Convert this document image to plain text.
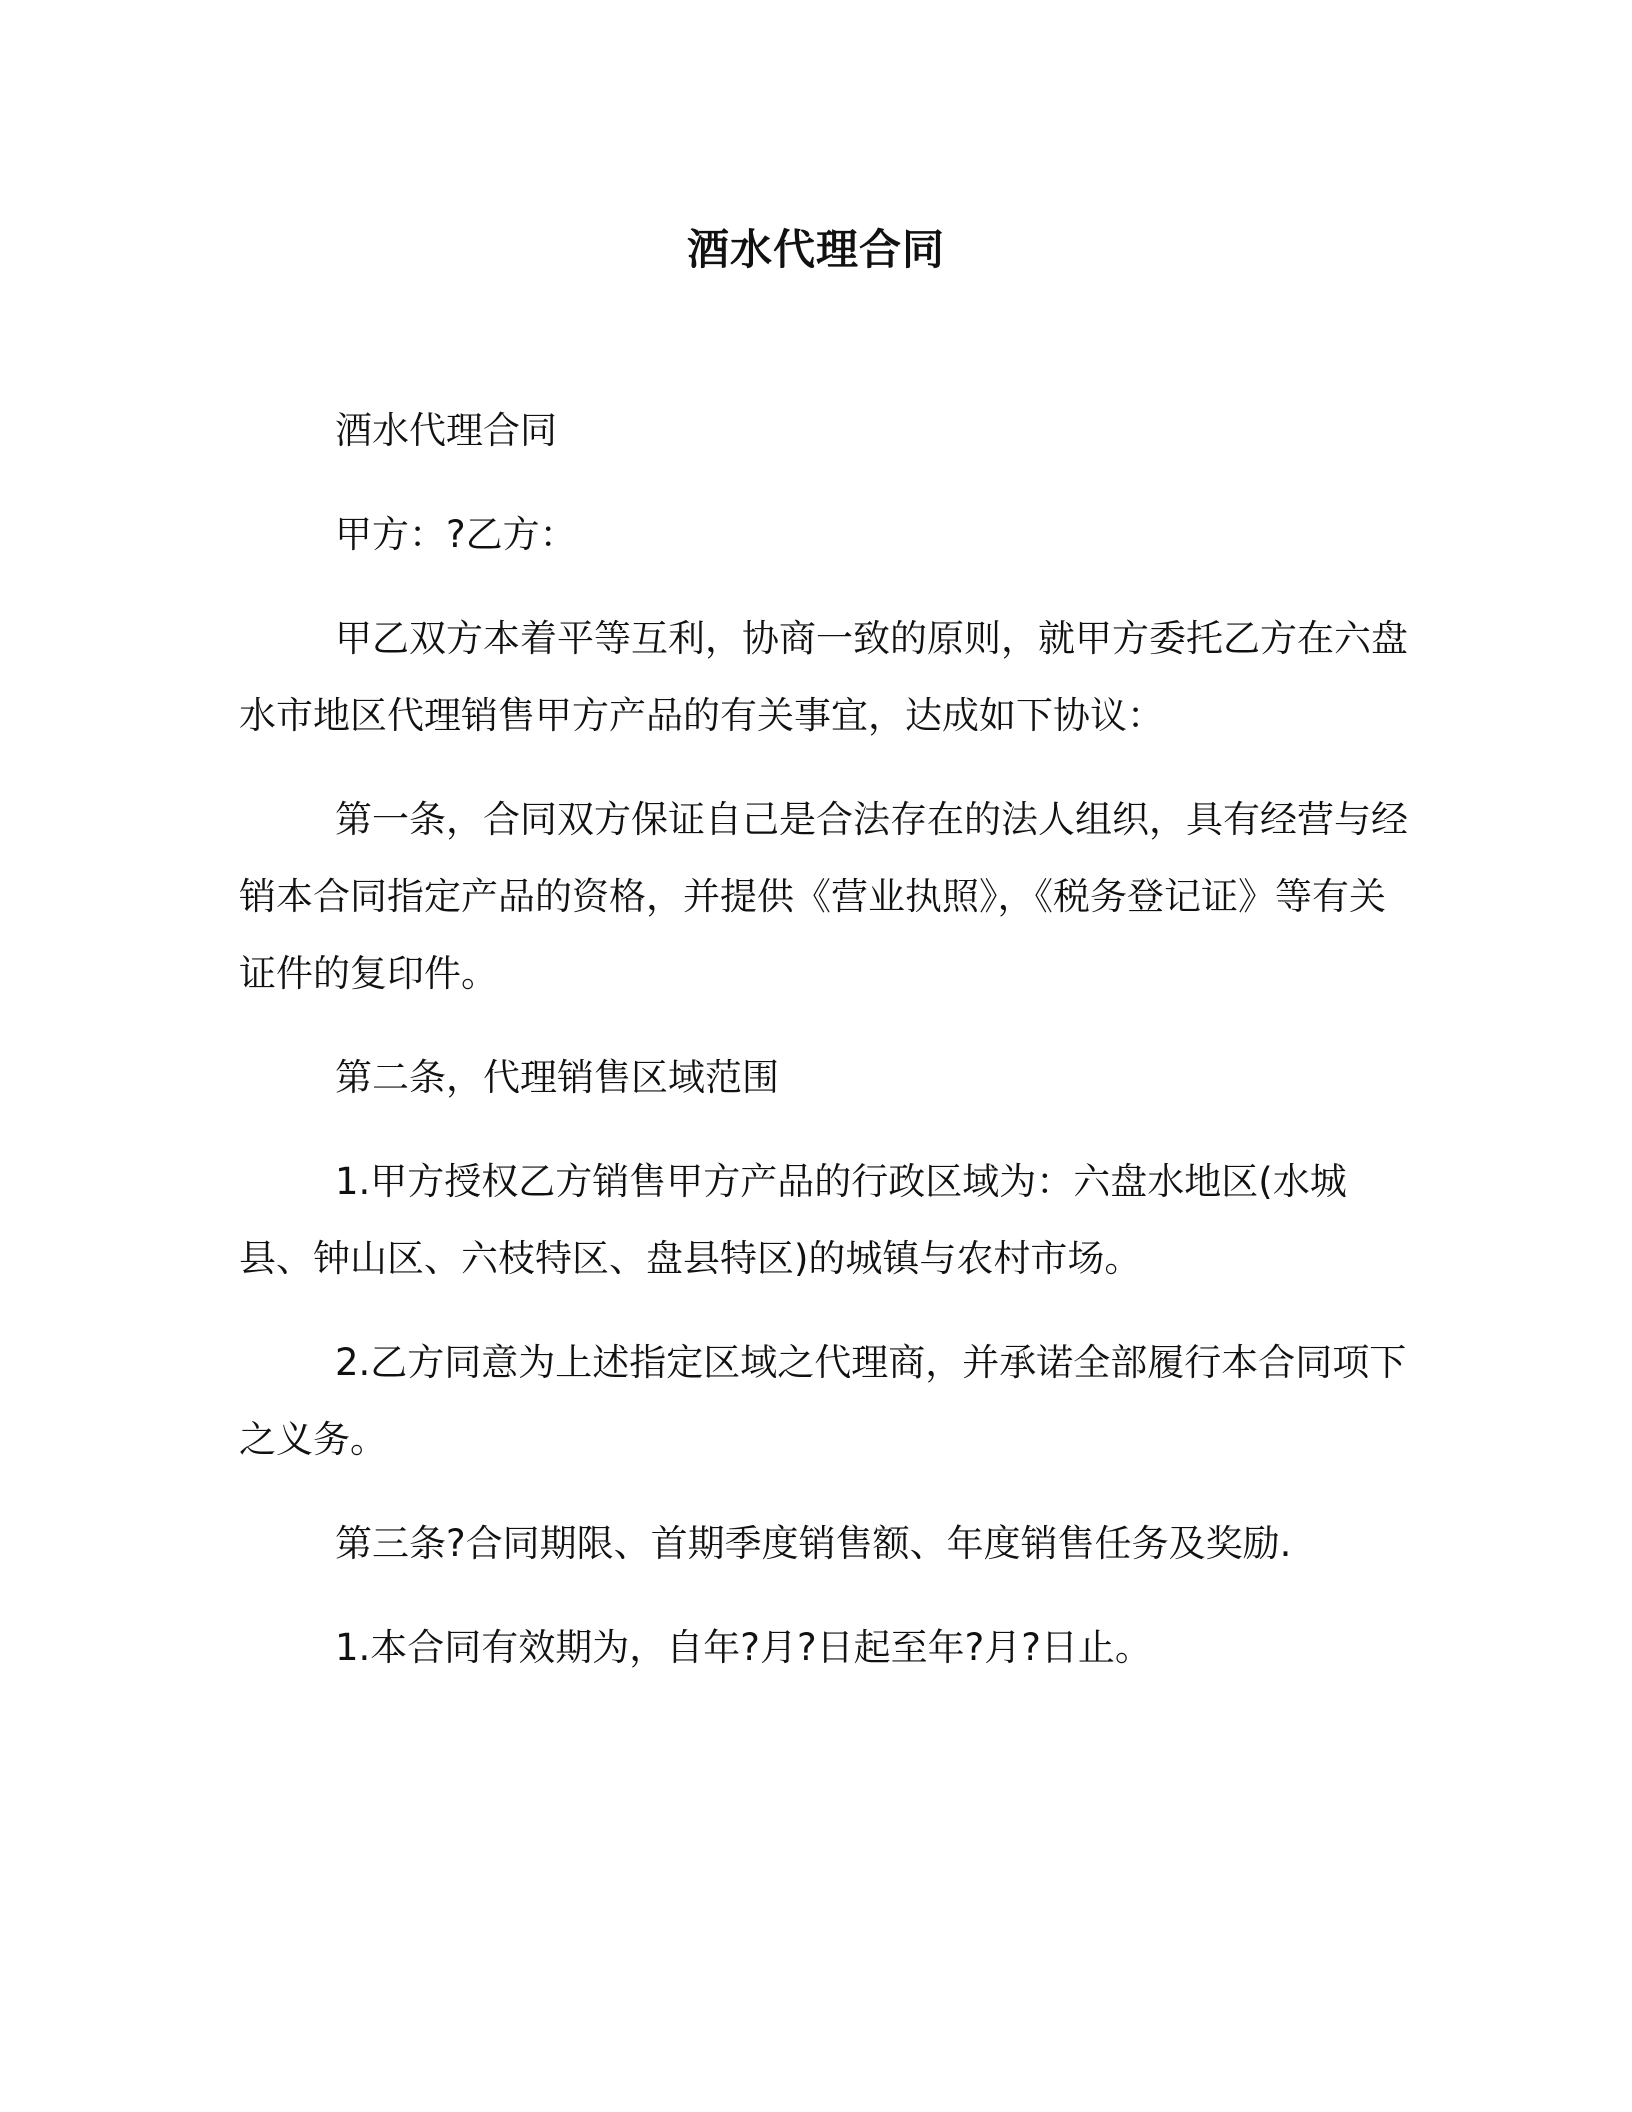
酒水代理合同

酒水代理合同

甲方：?乙方：

甲乙双方本着平等互利，协商一致的原则，就甲方委托乙方在六盘水市地区代理销售甲方产品的有关事宜，达成如下协议：

第一条，合同双方保证自己是合法存在的法人组织，具有经营与经销本合同指定产品的资格，并提供《营业执照》，《税务登记证》等有关证件的复印件。

第二条，代理销售区域范围

1.甲方授权乙方销售甲方产品的行政区域为：六盘水地区(水城县、钟山区、六枝特区、盘县特区)的城镇与农村市场。

2.乙方同意为上述指定区域之代理商，并承诺全部履行本合同项下之义务。

第三条?合同期限、首期季度销售额、年度销售任务及奖励.

1.本合同有效期为，自年?月?日起至年?月?日止。
